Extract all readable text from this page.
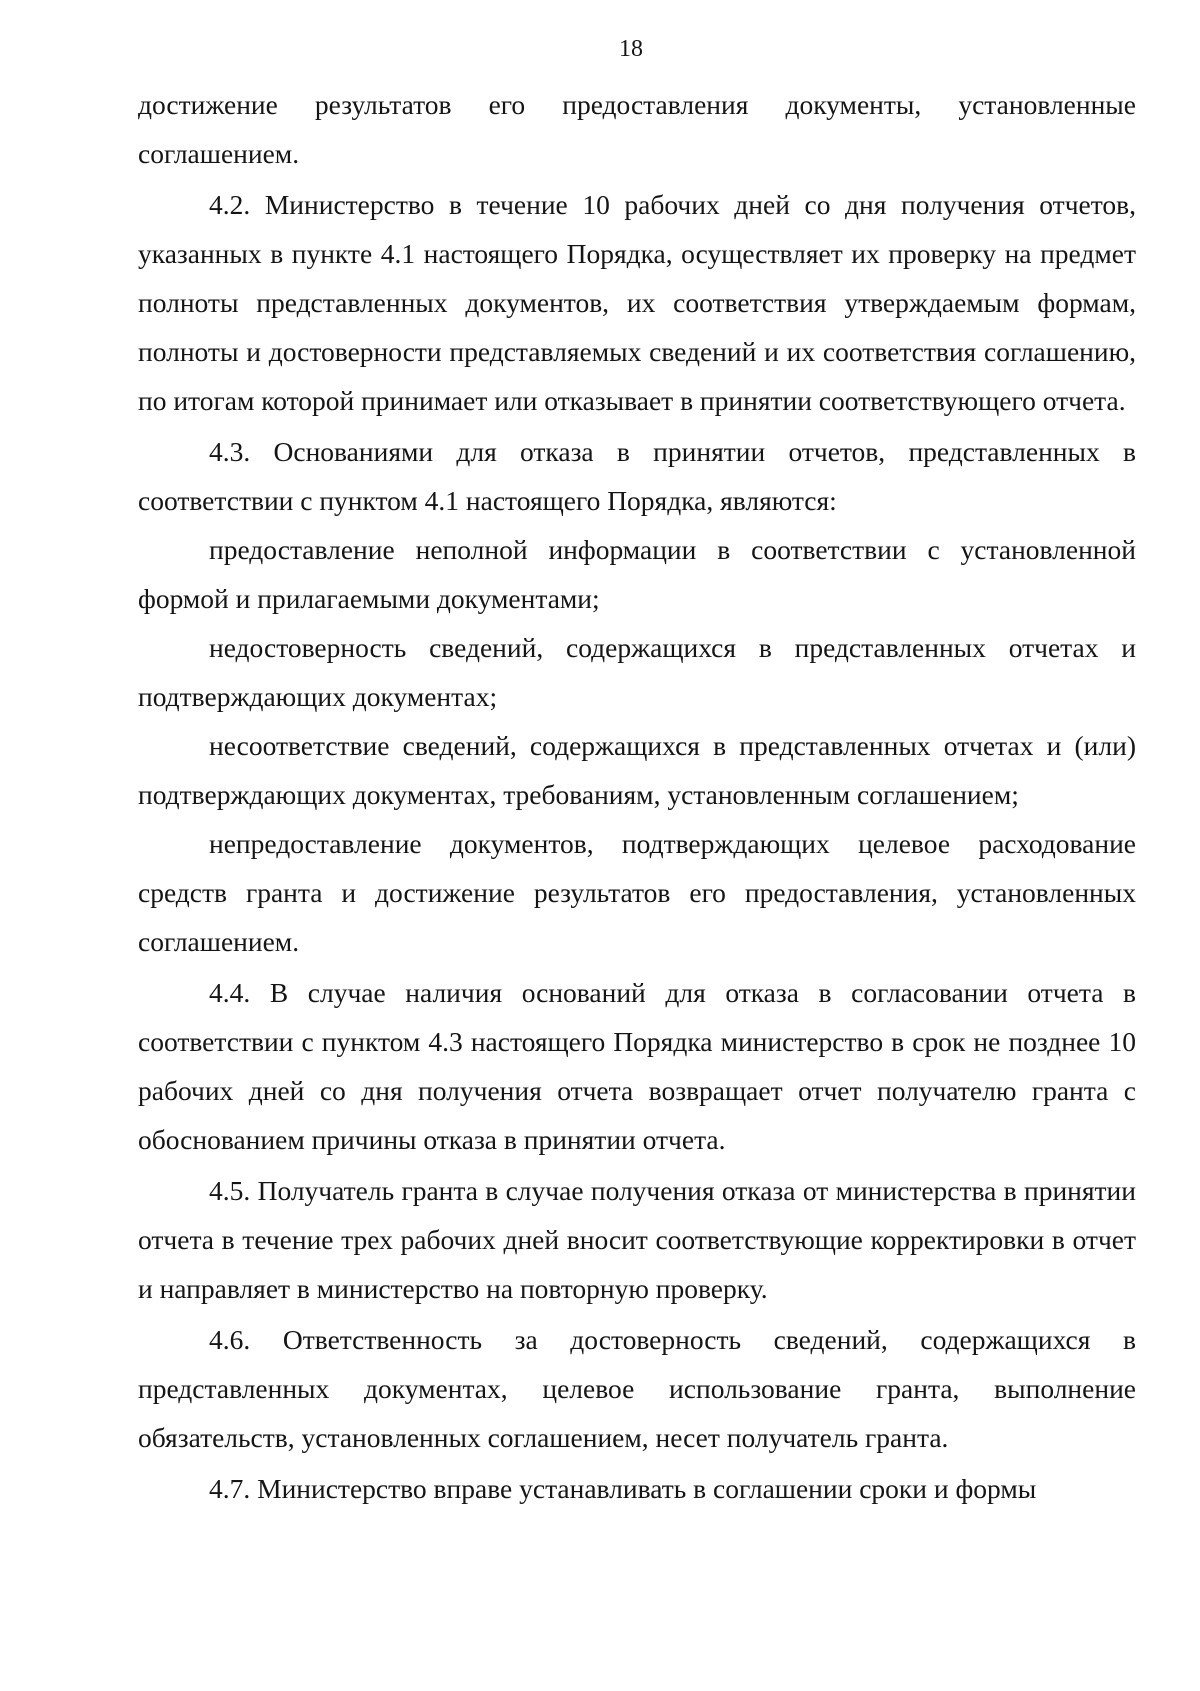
18

достижение результатов его предоставления документы, установленные соглашением.

4.2. Министерство в течение 10 рабочих дней со дня получения отчетов, указанных в пункте 4.1 настоящего Порядка, осуществляет их проверку на предмет полноты представленных документов, их соответствия утверждаемым формам, полноты и достоверности представляемых сведений и их соответствия соглашению, по итогам которой принимает или отказывает в принятии соответствующего отчета.

4.3. Основаниями для отказа в принятии отчетов, представленных в соответствии с пунктом 4.1 настоящего Порядка, являются:

предоставление неполной информации в соответствии с установленной формой и прилагаемыми документами;

недостоверность сведений, содержащихся в представленных отчетах и подтверждающих документах;

несоответствие сведений, содержащихся в представленных отчетах и (или) подтверждающих документах, требованиям, установленным соглашением;

непредоставление документов, подтверждающих целевое расходование средств гранта и достижение результатов его предоставления, установленных соглашением.

4.4. В случае наличия оснований для отказа в согласовании отчета в соответствии с пунктом 4.3 настоящего Порядка министерство в срок не позднее 10 рабочих дней со дня получения отчета возвращает отчет получателю гранта с обоснованием причины отказа в принятии отчета.

4.5. Получатель гранта в случае получения отказа от министерства в принятии отчета в течение трех рабочих дней вносит соответствующие корректировки в отчет и направляет в министерство на повторную проверку.

4.6. Ответственность за достоверность сведений, содержащихся в представленных документах, целевое использование гранта, выполнение обязательств, установленных соглашением, несет получатель гранта.

4.7. Министерство вправе устанавливать в соглашении сроки и формы
